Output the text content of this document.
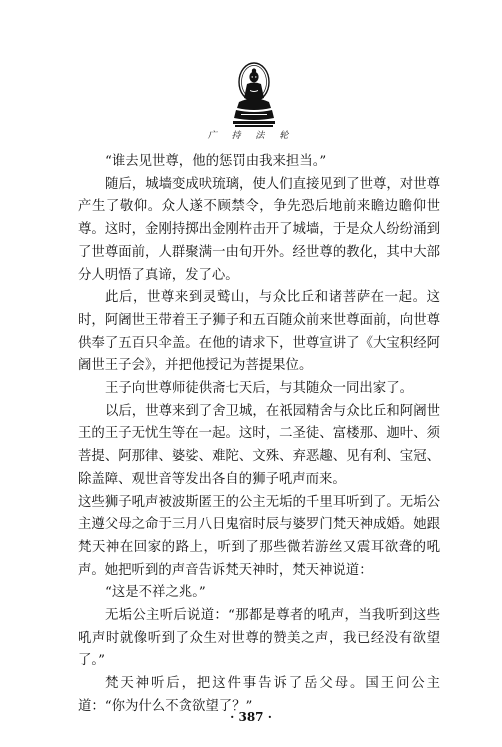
广 持 法 轮

“谁去见世尊，他的惩罚由我来担当。”

随后，城墙变成吠琉璃，使人们直接见到了世尊，对世尊产生了敬仰。众人遂不顾禁令，争先恐后地前来瞻边瞻仰世尊。这时，金刚持掷出金刚杵击开了城墙，于是众人纷纷涌到了世尊面前，人群聚满一由旬开外。经世尊的教化，其中大部分人明悟了真谛，发了心。

此后，世尊来到灵鹫山，与众比丘和诸菩萨在一起。这时，阿阇世王带着王子狮子和五百随众前来世尊面前，向世尊供奉了五百只伞盖。在他的请求下，世尊宣讲了《大宝积经阿阇世王子会》，并把他授记为菩提果位。

王子向世尊师徒供斋七天后，与其随众一同出家了。

以后，世尊来到了舍卫城，在祇园精舍与众比丘和阿阇世王的王子无忧生等在一起。这时，二圣徒、富楼那、迦叶、须菩提、阿那律、婆娑、难陀、文殊、弃恶趣、见有利、宝冠、除盖障、观世音等发出各自的狮子吼声而来。

这些狮子吼声被波斯匿王的公主无垢的千里耳听到了。无垢公主遵父母之命于三月八日鬼宿时辰与婆罗门梵天神成婚。她跟梵天神在回家的路上，听到了那些微若游丝又震耳欲聋的吼声。她把听到的声音告诉梵天神时，梵天神说道：

“这是不祥之兆。”

无垢公主听后说道：“那都是尊者的吼声，当我听到这些吼声时就像听到了众生对世尊的赞美之声，我已经没有欲望了。”

梵天神听后，把这件事告诉了岳父母。国王问公主道：“你为什么不贪欲望了？”

· 387 ·
